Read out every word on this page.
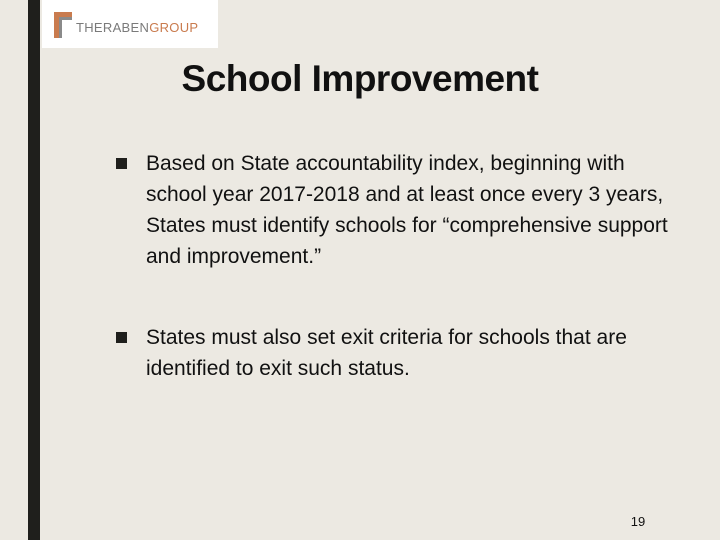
THERABENGROUP
School Improvement
Based on State accountability index, beginning with school year 2017-2018 and at least once every 3 years, States must identify schools for “comprehensive support and improvement.”
States must also set exit criteria for schools that are identified to exit such status.
19
